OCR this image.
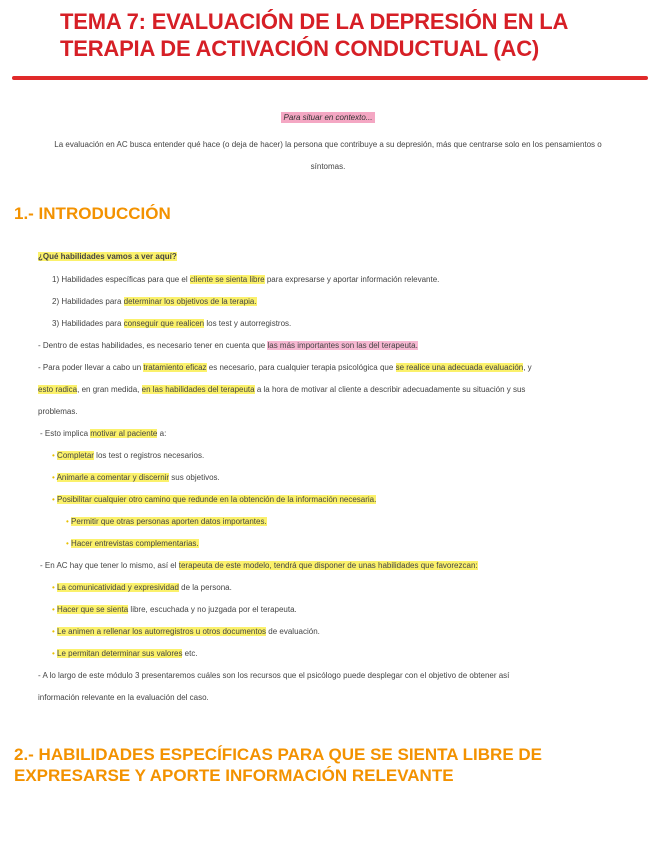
TEMA 7: EVALUACIÓN DE LA DEPRESIÓN EN LA TERAPIA DE ACTIVACIÓN CONDUCTUAL (AC)
Para situar en contexto...
La evaluación en AC busca entender qué hace (o deja de hacer) la persona que contribuye a su depresión, más que centrarse solo en los pensamientos o síntomas.
1.- INTRODUCCIÓN
¿Qué habilidades vamos a ver aquí?
1) Habilidades específicas para que el cliente se sienta libre para expresarse y aportar información relevante.
2) Habilidades para determinar los objetivos de la terapia.
3) Habilidades para conseguir que realicen los test y autorregistros.
- Dentro de estas habilidades, es necesario tener en cuenta que las más importantes son las del terapeuta.
- Para poder llevar a cabo un tratamiento eficaz es necesario, para cualquier terapia psicológica que se realice una adecuada evaluación, y
esto radica, en gran medida, en las habilidades del terapeuta a la hora de motivar al cliente a describir adecuadamente su situación y sus
problemas.
- Esto implica motivar al paciente a:
• Completar los test o registros necesarios.
• Animarle a comentar y discernir sus objetivos.
• Posibilitar cualquier otro camino que redunde en la obtención de la información necesaria.
• Permitir que otras personas aporten datos importantes.
• Hacer entrevistas complementarias.
- En AC hay que tener lo mismo, así el terapeuta de este modelo, tendrá que disponer de unas habilidades que favorezcan:
• La comunicatividad y expresividad de la persona.
• Hacer que se sienta libre, escuchada y no juzgada por el terapeuta.
• Le animen a rellenar los autorregistros u otros documentos de evaluación.
• Le permitan determinar sus valores etc.
- A lo largo de este módulo 3 presentaremos cuáles son los recursos que el psicólogo puede desplegar con el objetivo de obtener así
información relevante en la evaluación del caso.
2.- HABILIDADES ESPECÍFICAS PARA QUE SE SIENTA LIBRE DE EXPRESARSE Y APORTE INFORMACIÓN RELEVANTE
